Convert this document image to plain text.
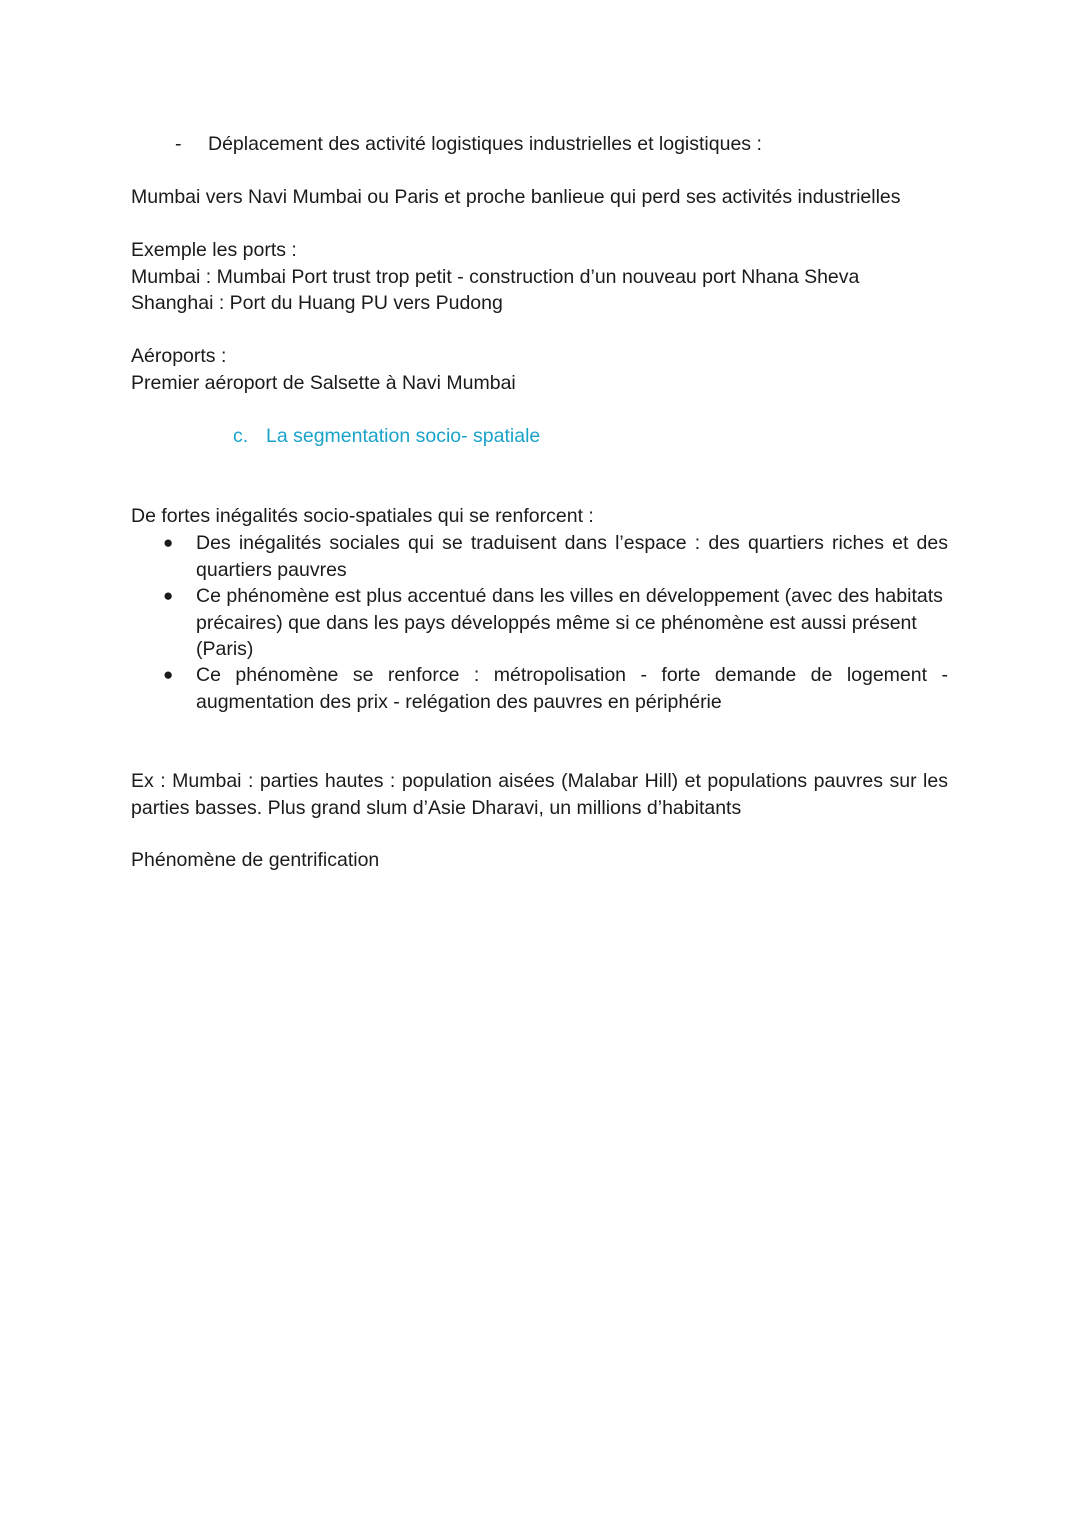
- Déplacement des activité logistiques industrielles et logistiques :

Mumbai vers Navi Mumbai ou Paris et proche banlieue qui perd ses activités industrielles

Exemple les ports :

Mumbai : Mumbai Port trust trop petit - construction d’un nouveau port Nhana Sheva

Shanghai : Port du Huang PU vers Pudong

Aéroports :

Premier aéroport de Salsette à Navi Mumbai

c. La segmentation socio- spatiale

De fortes inégalités socio-spatiales qui se renforcent :

● Des inégalités sociales qui se traduisent dans l’espace : des quartiers riches et des
quartiers pauvres
● Ce phénomène est plus accentué dans les villes en développement (avec des habitats
précaires) que dans les pays développés même si ce phénomène est aussi présent
(Paris)
● Ce phénomène se renforce : métropolisation - forte demande de logement -
augmentation des prix - relégation des pauvres en périphérie
Ex : Mumbai : parties hautes : population aisées (Malabar Hill) et populations pauvres sur les
parties basses. Plus grand slum d’Asie Dharavi, un millions d’habitants

Phénomène de gentrification
